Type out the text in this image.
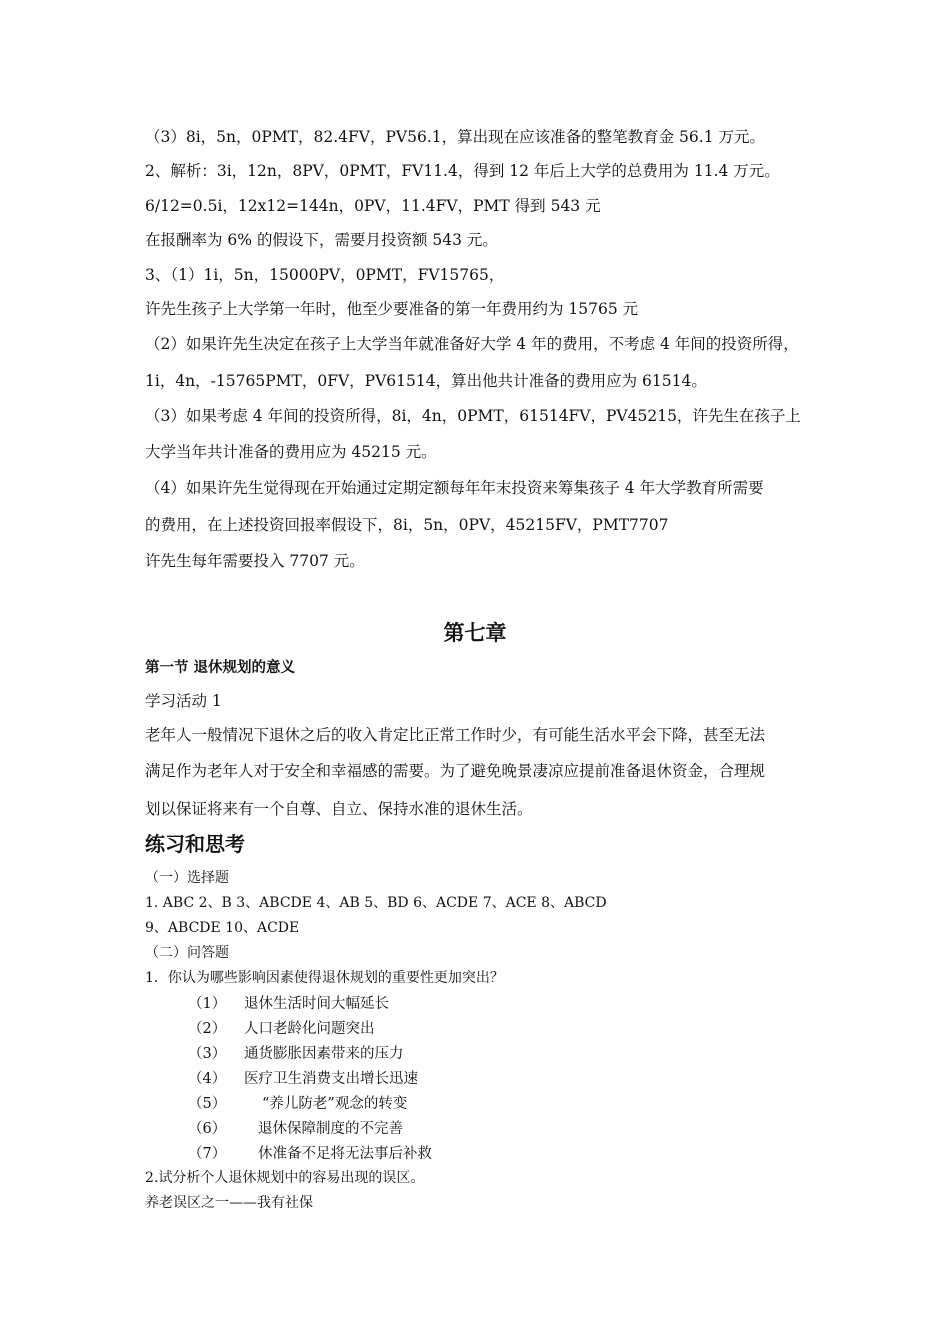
（3）8i，5n，0PMT，82.4FV，PV56.1，算出现在应该准备的整笔教育金 56.1 万元。
2、解析：3i，12n，8PV，0PMT，FV11.4，得到 12 年后上大学的总费用为 11.4 万元。
6/12=0.5i，12x12=144n，0PV，11.4FV，PMT 得到 543 元
在报酬率为 6% 的假设下，需要月投资额 543 元。
3、（1）1i，5n，15000PV，0PMT，FV15765，
许先生孩子上大学第一年时，他至少要准备的第一年费用约为 15765 元
（2）如果许先生决定在孩子上大学当年就准备好大学 4 年的费用，不考虑 4 年间的投资所得，
1i，4n，-15765PMT，0FV，PV61514，算出他共计准备的费用应为 61514。
（3）如果考虑 4 年间的投资所得，8i，4n，0PMT，61514FV，PV45215，许先生在孩子上
大学当年共计准备的费用应为 45215 元。
（4）如果许先生觉得现在开始通过定期定额每年年末投资来筹集孩子 4 年大学教育所需要
的费用，在上述投资回报率假设下，8i，5n，0PV，45215FV，PMT7707
许先生每年需要投入 7707 元。
第七章
第一节 退休规划的意义
学习活动 1
老年人一般情况下退休之后的收入肯定比正常工作时少，有可能生活水平会下降，甚至无法
满足作为老年人对于安全和幸福感的需要。为了避免晚景凄凉应提前准备退休资金，合理规
划以保证将来有一个自尊、自立、保持水准的退休生活。
练习和思考
（一）选择题
1. ABC 2、B 3、ABCDE 4、AB 5、BD 6、ACDE 7、ACE 8、ABCD
9、ABCDE 10、ACDE
（二）问答题
1．你认为哪些影响因素使得退休规划的重要性更加突出？
（1） 退休生活时间大幅延长
（2） 人口老龄化问题突出
（3） 通货膨胀因素带来的压力
（4） 医疗卫生消费支出增长迅速
（5） “养儿防老”观念的转变
（6） 退休保障制度的不完善
（7） 休准备不足将无法事后补救
2.试分析个人退休规划中的容易出现的误区。
养老误区之一——我有社保
